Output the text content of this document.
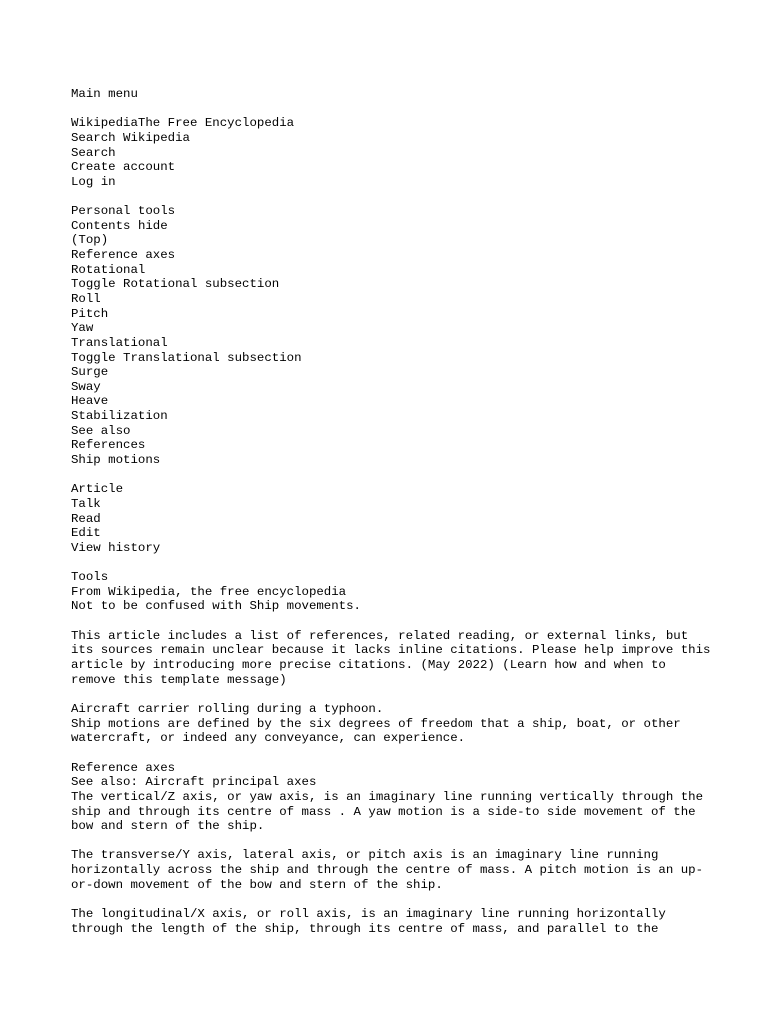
Main menu
WikipediaThe Free Encyclopedia
Search Wikipedia
Search
Create account
Log in
Personal tools
Contents hide
(Top)
Reference axes
Rotational
Toggle Rotational subsection
Roll
Pitch
Yaw
Translational
Toggle Translational subsection
Surge
Sway
Heave
Stabilization
See also
References
Ship motions
Article
Talk
Read
Edit
View history
Tools
From Wikipedia, the free encyclopedia
Not to be confused with Ship movements.
This article includes a list of references, related reading, or external links, but its sources remain unclear because it lacks inline citations. Please help improve this article by introducing more precise citations. (May 2022) (Learn how and when to remove this template message)
Aircraft carrier rolling during a typhoon.
Ship motions are defined by the six degrees of freedom that a ship, boat, or other watercraft, or indeed any conveyance, can experience.
Reference axes
See also: Aircraft principal axes
The vertical/Z axis, or yaw axis, is an imaginary line running vertically through the ship and through its centre of mass . A yaw motion is a side-to side movement of the bow and stern of the ship.
The transverse/Y axis, lateral axis, or pitch axis is an imaginary line running horizontally across the ship and through the centre of mass. A pitch motion is an up-or-down movement of the bow and stern of the ship.
The longitudinal/X axis, or roll axis, is an imaginary line running horizontally through the length of the ship, through its centre of mass, and parallel to the
